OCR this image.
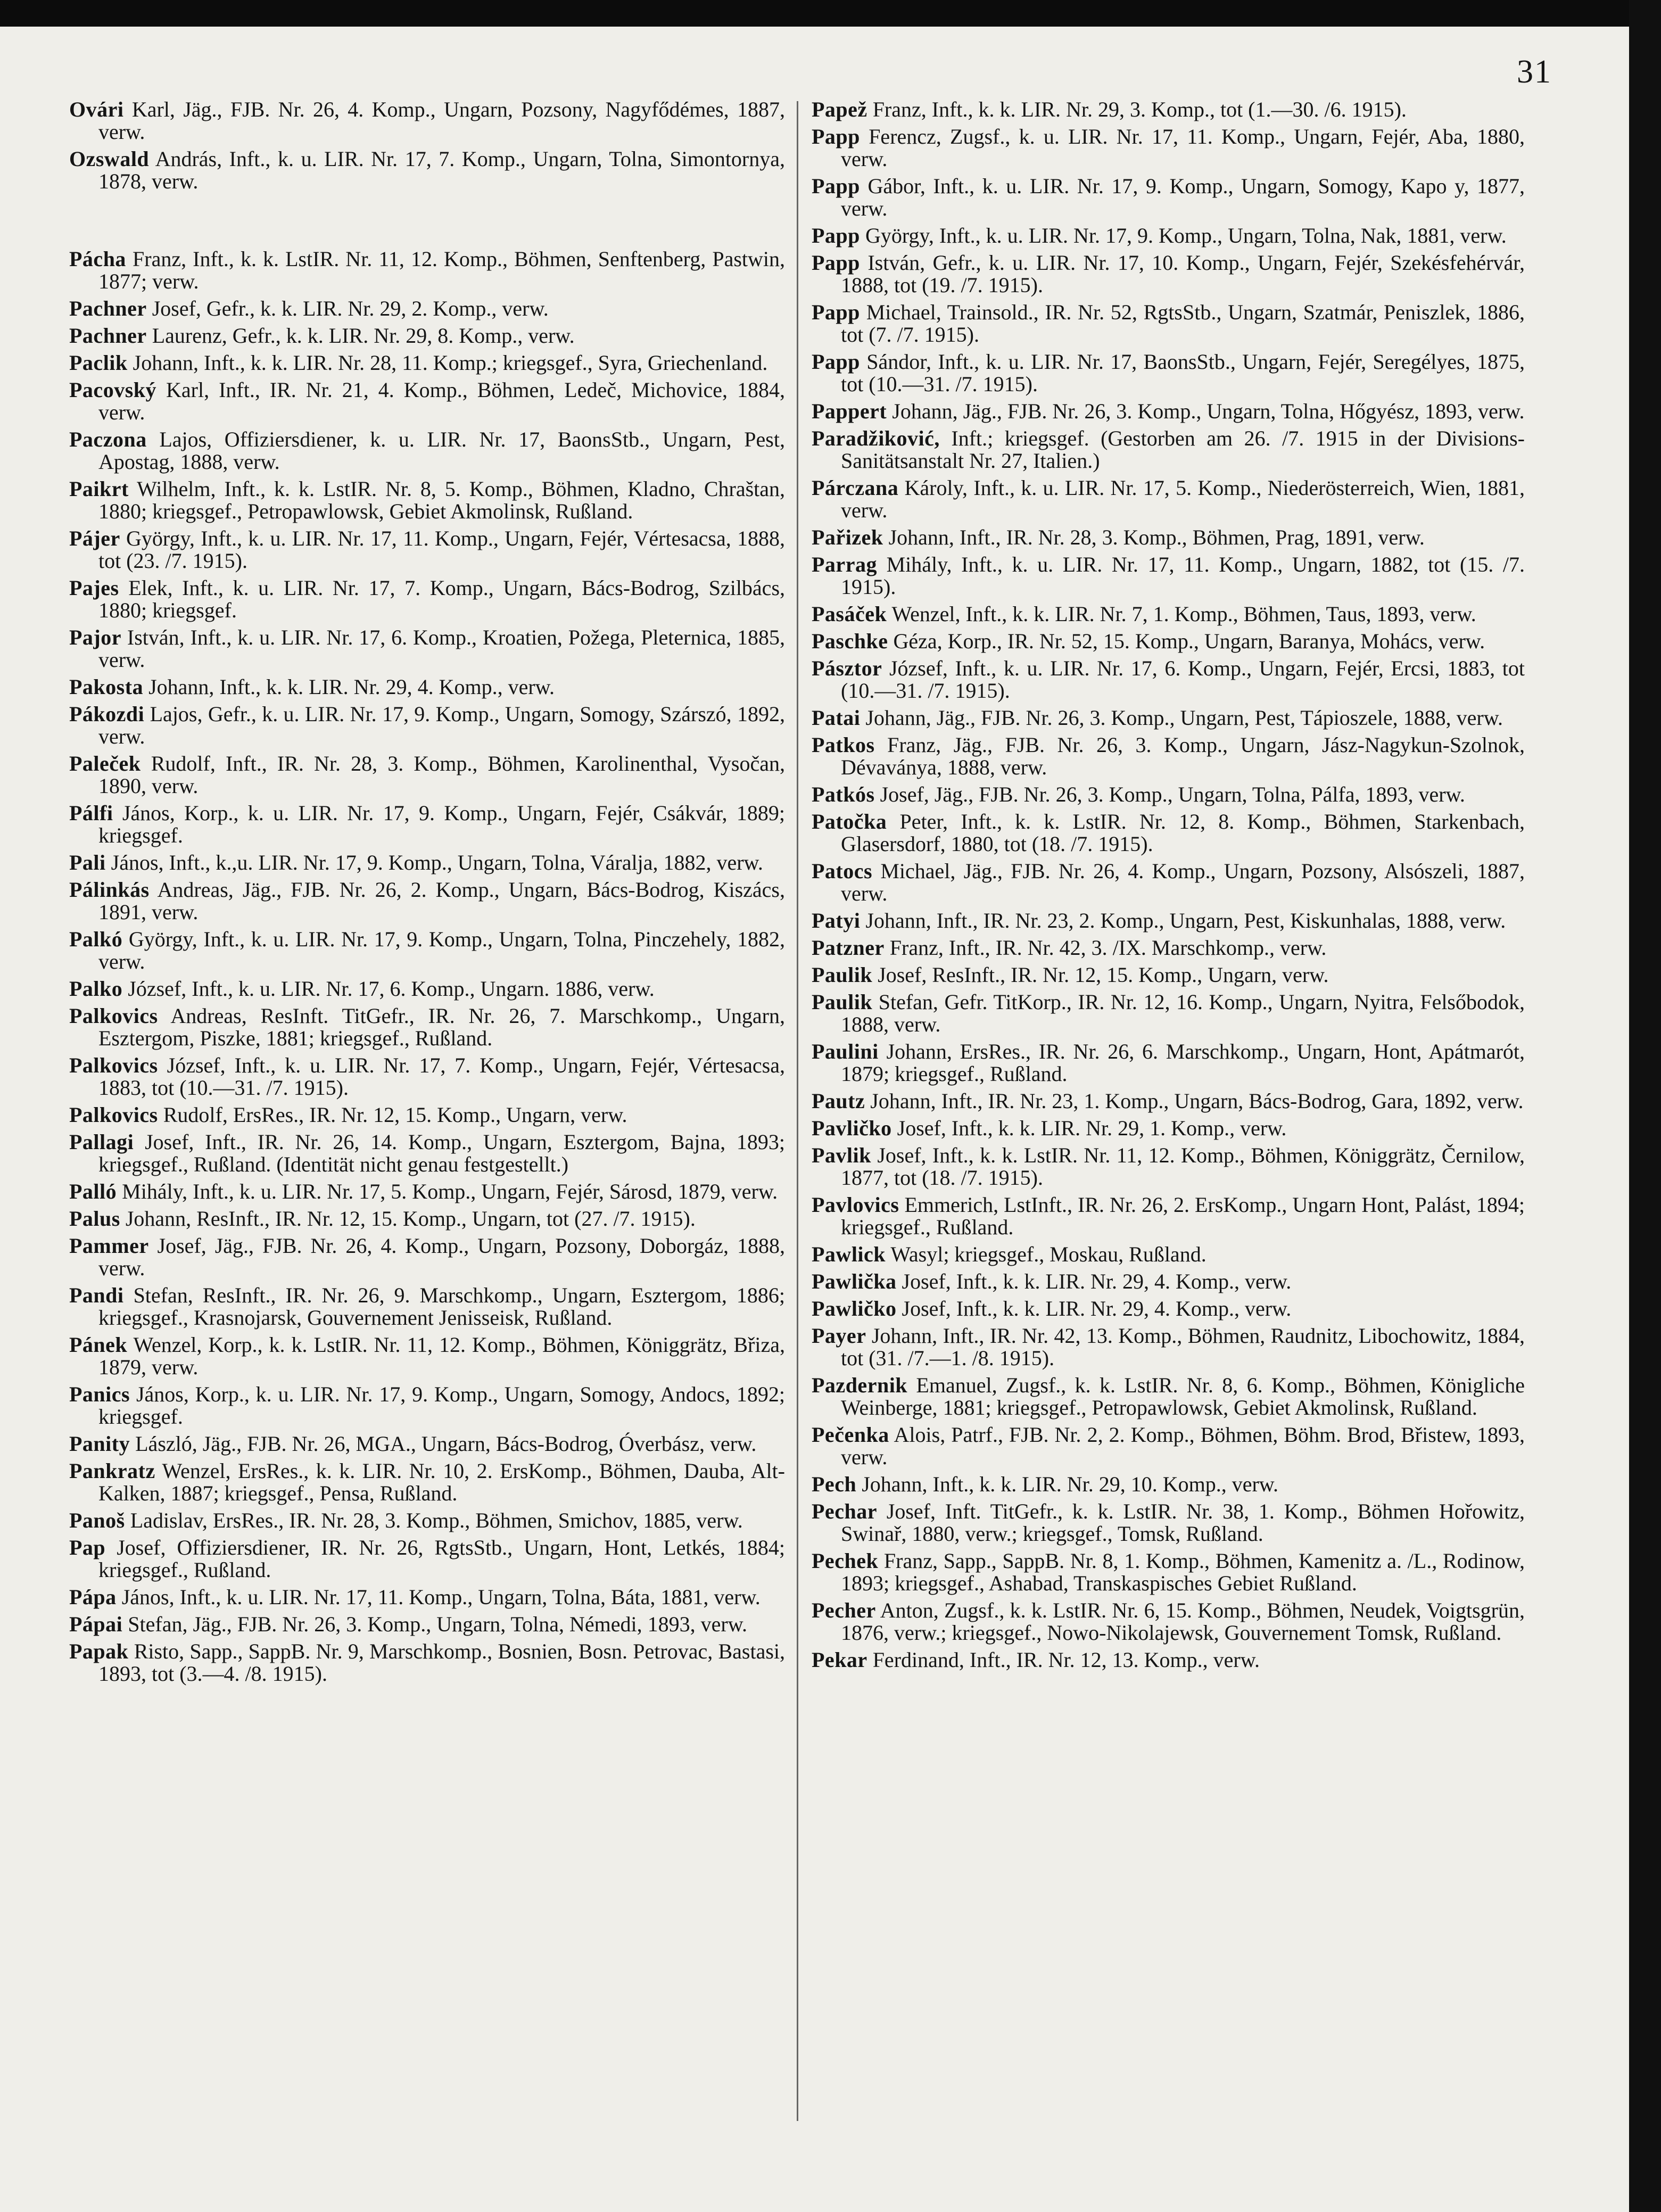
31

Ovári Karl, Jäg., FJB. Nr. 26, 4. Komp., Ungarn, Pozsony, Nagyfődémes, 1887, verw.

Ozswald András, Inft., k. u. LIR. Nr. 17, 7. Komp., Ungarn, Tolna, Simontornya, 1878, verw.

Pácha Franz, Inft., k. k. LstIR. Nr. 11, 12. Komp., Böhmen, Senftenberg, Pastwin, 1877; verw.

Pachner Josef, Gefr., k. k. LIR. Nr. 29, 2. Komp., verw.

Pachner Laurenz, Gefr., k. k. LIR. Nr. 29, 8. Komp., verw.

Paclik Johann, Inft., k. k. LIR. Nr. 28, 11. Komp.; kriegsgef., Syra, Griechenland.

Pacovský Karl, Inft., IR. Nr. 21, 4. Komp., Böhmen, Ledeč, Michovice, 1884, verw.

Paczona Lajos, Offiziersdiener, k. u. LIR. Nr. 17, BaonsStb., Ungarn, Pest, Apostag, 1888, verw.

Paikrt Wilhelm, Inft., k. k. LstIR. Nr. 8, 5. Komp., Böhmen, Kladno, Chraštan, 1880; kriegsgef., Petropawlowsk, Gebiet Akmolinsk, Rußland.

Pájer György, Inft., k. u. LIR. Nr. 17, 11. Komp., Ungarn, Fejér, Vértesacsa, 1888, tot (23. /7. 1915).

Pajes Elek, Inft., k. u. LIR. Nr. 17, 7. Komp., Ungarn, Bács-Bodrog, Szilbács, 1880; kriegsgef.

Pajor István, Inft., k. u. LIR. Nr. 17, 6. Komp., Kroatien, Požega, Pleternica, 1885, verw.

Pakosta Johann, Inft., k. k. LIR. Nr. 29, 4. Komp., verw.

Pákozdi Lajos, Gefr., k. u. LIR. Nr. 17, 9. Komp., Ungarn, Somogy, Szárszó, 1892, verw.

Paleček Rudolf, Inft., IR. Nr. 28, 3. Komp., Böhmen, Karolinenthal, Vysočan, 1890, verw.

Pálfi János, Korp., k. u. LIR. Nr. 17, 9. Komp., Ungarn, Fejér, Csákvár, 1889; kriegsgef.

Pali János, Inft., k.,u. LIR. Nr. 17, 9. Komp., Ungarn, Tolna, Váralja, 1882, verw.

Pálinkás Andreas, Jäg., FJB. Nr. 26, 2. Komp., Ungarn, Bács-Bodrog, Kiszács, 1891, verw.

Palkó György, Inft., k. u. LIR. Nr. 17, 9. Komp., Ungarn, Tolna, Pinczehely, 1882, verw.

Palko József, Inft., k. u. LIR. Nr. 17, 6. Komp., Ungarn. 1886, verw.

Palkovics Andreas, ResInft. TitGefr., IR. Nr. 26, 7. Marschkomp., Ungarn, Esztergom, Piszke, 1881; kriegsgef., Rußland.

Palkovics József, Inft., k. u. LIR. Nr. 17, 7. Komp., Ungarn, Fejér, Vértesacsa, 1883, tot (10.—31. /7. 1915).

Palkovics Rudolf, ErsRes., IR. Nr. 12, 15. Komp., Ungarn, verw.

Pallagi Josef, Inft., IR. Nr. 26, 14. Komp., Ungarn, Esztergom, Bajna, 1893; kriegsgef., Rußland. (Identität nicht genau festgestellt.)

Palló Mihály, Inft., k. u. LIR. Nr. 17, 5. Komp., Ungarn, Fejér, Sárosd, 1879, verw.

Palus Johann, ResInft., IR. Nr. 12, 15. Komp., Ungarn, tot (27. /7. 1915).

Pammer Josef, Jäg., FJB. Nr. 26, 4. Komp., Ungarn, Pozsony, Doborgáz, 1888, verw.

Pandi Stefan, ResInft., IR. Nr. 26, 9. Marschkomp., Ungarn, Esztergom, 1886; kriegsgef., Krasnojarsk, Gouvernement Jenisseisk, Rußland.

Pánek Wenzel, Korp., k. k. LstIR. Nr. 11, 12. Komp., Böhmen, Königgrätz, Břiza, 1879, verw.

Panics János, Korp., k. u. LIR. Nr. 17, 9. Komp., Ungarn, Somogy, Andocs, 1892; kriegsgef.

Panity László, Jäg., FJB. Nr. 26, MGA., Ungarn, Bács-Bodrog, Óverbász, verw.

Pankratz Wenzel, ErsRes., k. k. LIR. Nr. 10, 2. ErsKomp., Böhmen, Dauba, Alt-Kalken, 1887; kriegsgef., Pensa, Rußland.

Panoš Ladislav, ErsRes., IR. Nr. 28, 3. Komp., Böhmen, Smichov, 1885, verw.

Pap Josef, Offiziersdiener, IR. Nr. 26, RgtsStb., Ungarn, Hont, Letkés, 1884; kriegsgef., Rußland.

Pápa János, Inft., k. u. LIR. Nr. 17, 11. Komp., Ungarn, Tolna, Báta, 1881, verw.

Pápai Stefan, Jäg., FJB. Nr. 26, 3. Komp., Ungarn, Tolna, Némedi, 1893, verw.

Papak Risto, Sapp., SappB. Nr. 9, Marschkomp., Bosnien, Bosn. Petrovac, Bastasi, 1893, tot (3.—4. /8. 1915).

Papež Franz, Inft., k. k. LIR. Nr. 29, 3. Komp., tot (1.—30. /6. 1915).

Papp Ferencz, Zugsf., k. u. LIR. Nr. 17, 11. Komp., Ungarn, Fejér, Aba, 1880, verw.

Papp Gábor, Inft., k. u. LIR. Nr. 17, 9. Komp., Ungarn, Somogy, Kapo y, 1877, verw.

Papp György, Inft., k. u. LIR. Nr. 17, 9. Komp., Ungarn, Tolna, Nak, 1881, verw.

Papp István, Gefr., k. u. LIR. Nr. 17, 10. Komp., Ungarn, Fejér, Szekésfehérvár, 1888, tot (19. /7. 1915).

Papp Michael, Trainsold., IR. Nr. 52, RgtsStb., Ungarn, Szatmár, Peniszlek, 1886, tot (7. /7. 1915).

Papp Sándor, Inft., k. u. LIR. Nr. 17, BaonsStb., Ungarn, Fejér, Seregélyes, 1875, tot (10.—31. /7. 1915).

Pappert Johann, Jäg., FJB. Nr. 26, 3. Komp., Ungarn, Tolna, Hőgyész, 1893, verw.

Paradžiković, Inft.; kriegsgef. (Gestorben am 26. /7. 1915 in der Divisions-Sanitätsanstalt Nr. 27, Italien.)

Párczana Károly, Inft., k. u. LIR. Nr. 17, 5. Komp., Niederösterreich, Wien, 1881, verw.

Pařizek Johann, Inft., IR. Nr. 28, 3. Komp., Böhmen, Prag, 1891, verw.

Parrag Mihály, Inft., k. u. LIR. Nr. 17, 11. Komp., Ungarn, 1882, tot (15. /7. 1915).

Pasáček Wenzel, Inft., k. k. LIR. Nr. 7, 1. Komp., Böhmen, Taus, 1893, verw.

Paschke Géza, Korp., IR. Nr. 52, 15. Komp., Ungarn, Baranya, Mohács, verw.

Pásztor József, Inft., k. u. LIR. Nr. 17, 6. Komp., Ungarn, Fejér, Ercsi, 1883, tot (10.—31. /7. 1915).

Patai Johann, Jäg., FJB. Nr. 26, 3. Komp., Ungarn, Pest, Tápioszele, 1888, verw.

Patkos Franz, Jäg., FJB. Nr. 26, 3. Komp., Ungarn, Jász-Nagykun-Szolnok, Dévaványa, 1888, verw.

Patkós Josef, Jäg., FJB. Nr. 26, 3. Komp., Ungarn, Tolna, Pálfa, 1893, verw.

Patočka Peter, Inft., k. k. LstIR. Nr. 12, 8. Komp., Böhmen, Starkenbach, Glasersdorf, 1880, tot (18. /7. 1915).

Patocs Michael, Jäg., FJB. Nr. 26, 4. Komp., Ungarn, Pozsony, Alsószeli, 1887, verw.

Patyi Johann, Inft., IR. Nr. 23, 2. Komp., Ungarn, Pest, Kiskunhalas, 1888, verw.

Patzner Franz, Inft., IR. Nr. 42, 3. /IX. Marschkomp., verw.

Paulik Josef, ResInft., IR. Nr. 12, 15. Komp., Ungarn, verw.

Paulik Stefan, Gefr. TitKorp., IR. Nr. 12, 16. Komp., Ungarn, Nyitra, Felsőbodok, 1888, verw.

Paulini Johann, ErsRes., IR. Nr. 26, 6. Marschkomp., Ungarn, Hont, Apátmarót, 1879; kriegsgef., Rußland.

Pautz Johann, Inft., IR. Nr. 23, 1. Komp., Ungarn, Bács-Bodrog, Gara, 1892, verw.

Pavličko Josef, Inft., k. k. LIR. Nr. 29, 1. Komp., verw.

Pavlik Josef, Inft., k. k. LstIR. Nr. 11, 12. Komp., Böhmen, Königgrätz, Černilow, 1877, tot (18. /7. 1915).

Pavlovics Emmerich, LstInft., IR. Nr. 26, 2. ErsKomp., Ungarn Hont, Palást, 1894; kriegsgef., Rußland.

Pawlick Wasyl; kriegsgef., Moskau, Rußland.

Pawlička Josef, Inft., k. k. LIR. Nr. 29, 4. Komp., verw.

Pawličko Josef, Inft., k. k. LIR. Nr. 29, 4. Komp., verw.

Payer Johann, Inft., IR. Nr. 42, 13. Komp., Böhmen, Raudnitz, Libochowitz, 1884, tot (31. /7.—1. /8. 1915).

Pazdernik Emanuel, Zugsf., k. k. LstIR. Nr. 8, 6. Komp., Böhmen, Königliche Weinberge, 1881; kriegsgef., Petropawlowsk, Gebiet Akmolinsk, Rußland.

Pečenka Alois, Patrf., FJB. Nr. 2, 2. Komp., Böhmen, Böhm. Brod, Břistew, 1893, verw.

Pech Johann, Inft., k. k. LIR. Nr. 29, 10. Komp., verw.

Pechar Josef, Inft. TitGefr., k. k. LstIR. Nr. 38, 1. Komp., Böhmen Hořowitz, Swinař, 1880, verw.; kriegsgef., Tomsk, Rußland.

Pechek Franz, Sapp., SappB. Nr. 8, 1. Komp., Böhmen, Kamenitz a. /L., Rodinow, 1893; kriegsgef., Ashabad, Transkaspisches Gebiet Rußland.

Pecher Anton, Zugsf., k. k. LstIR. Nr. 6, 15. Komp., Böhmen, Neudek, Voigtsgrün, 1876, verw.; kriegsgef., Nowo-Nikolajewsk, Gouvernement Tomsk, Rußland.

Pekar Ferdinand, Inft., IR. Nr. 12, 13. Komp., verw.
